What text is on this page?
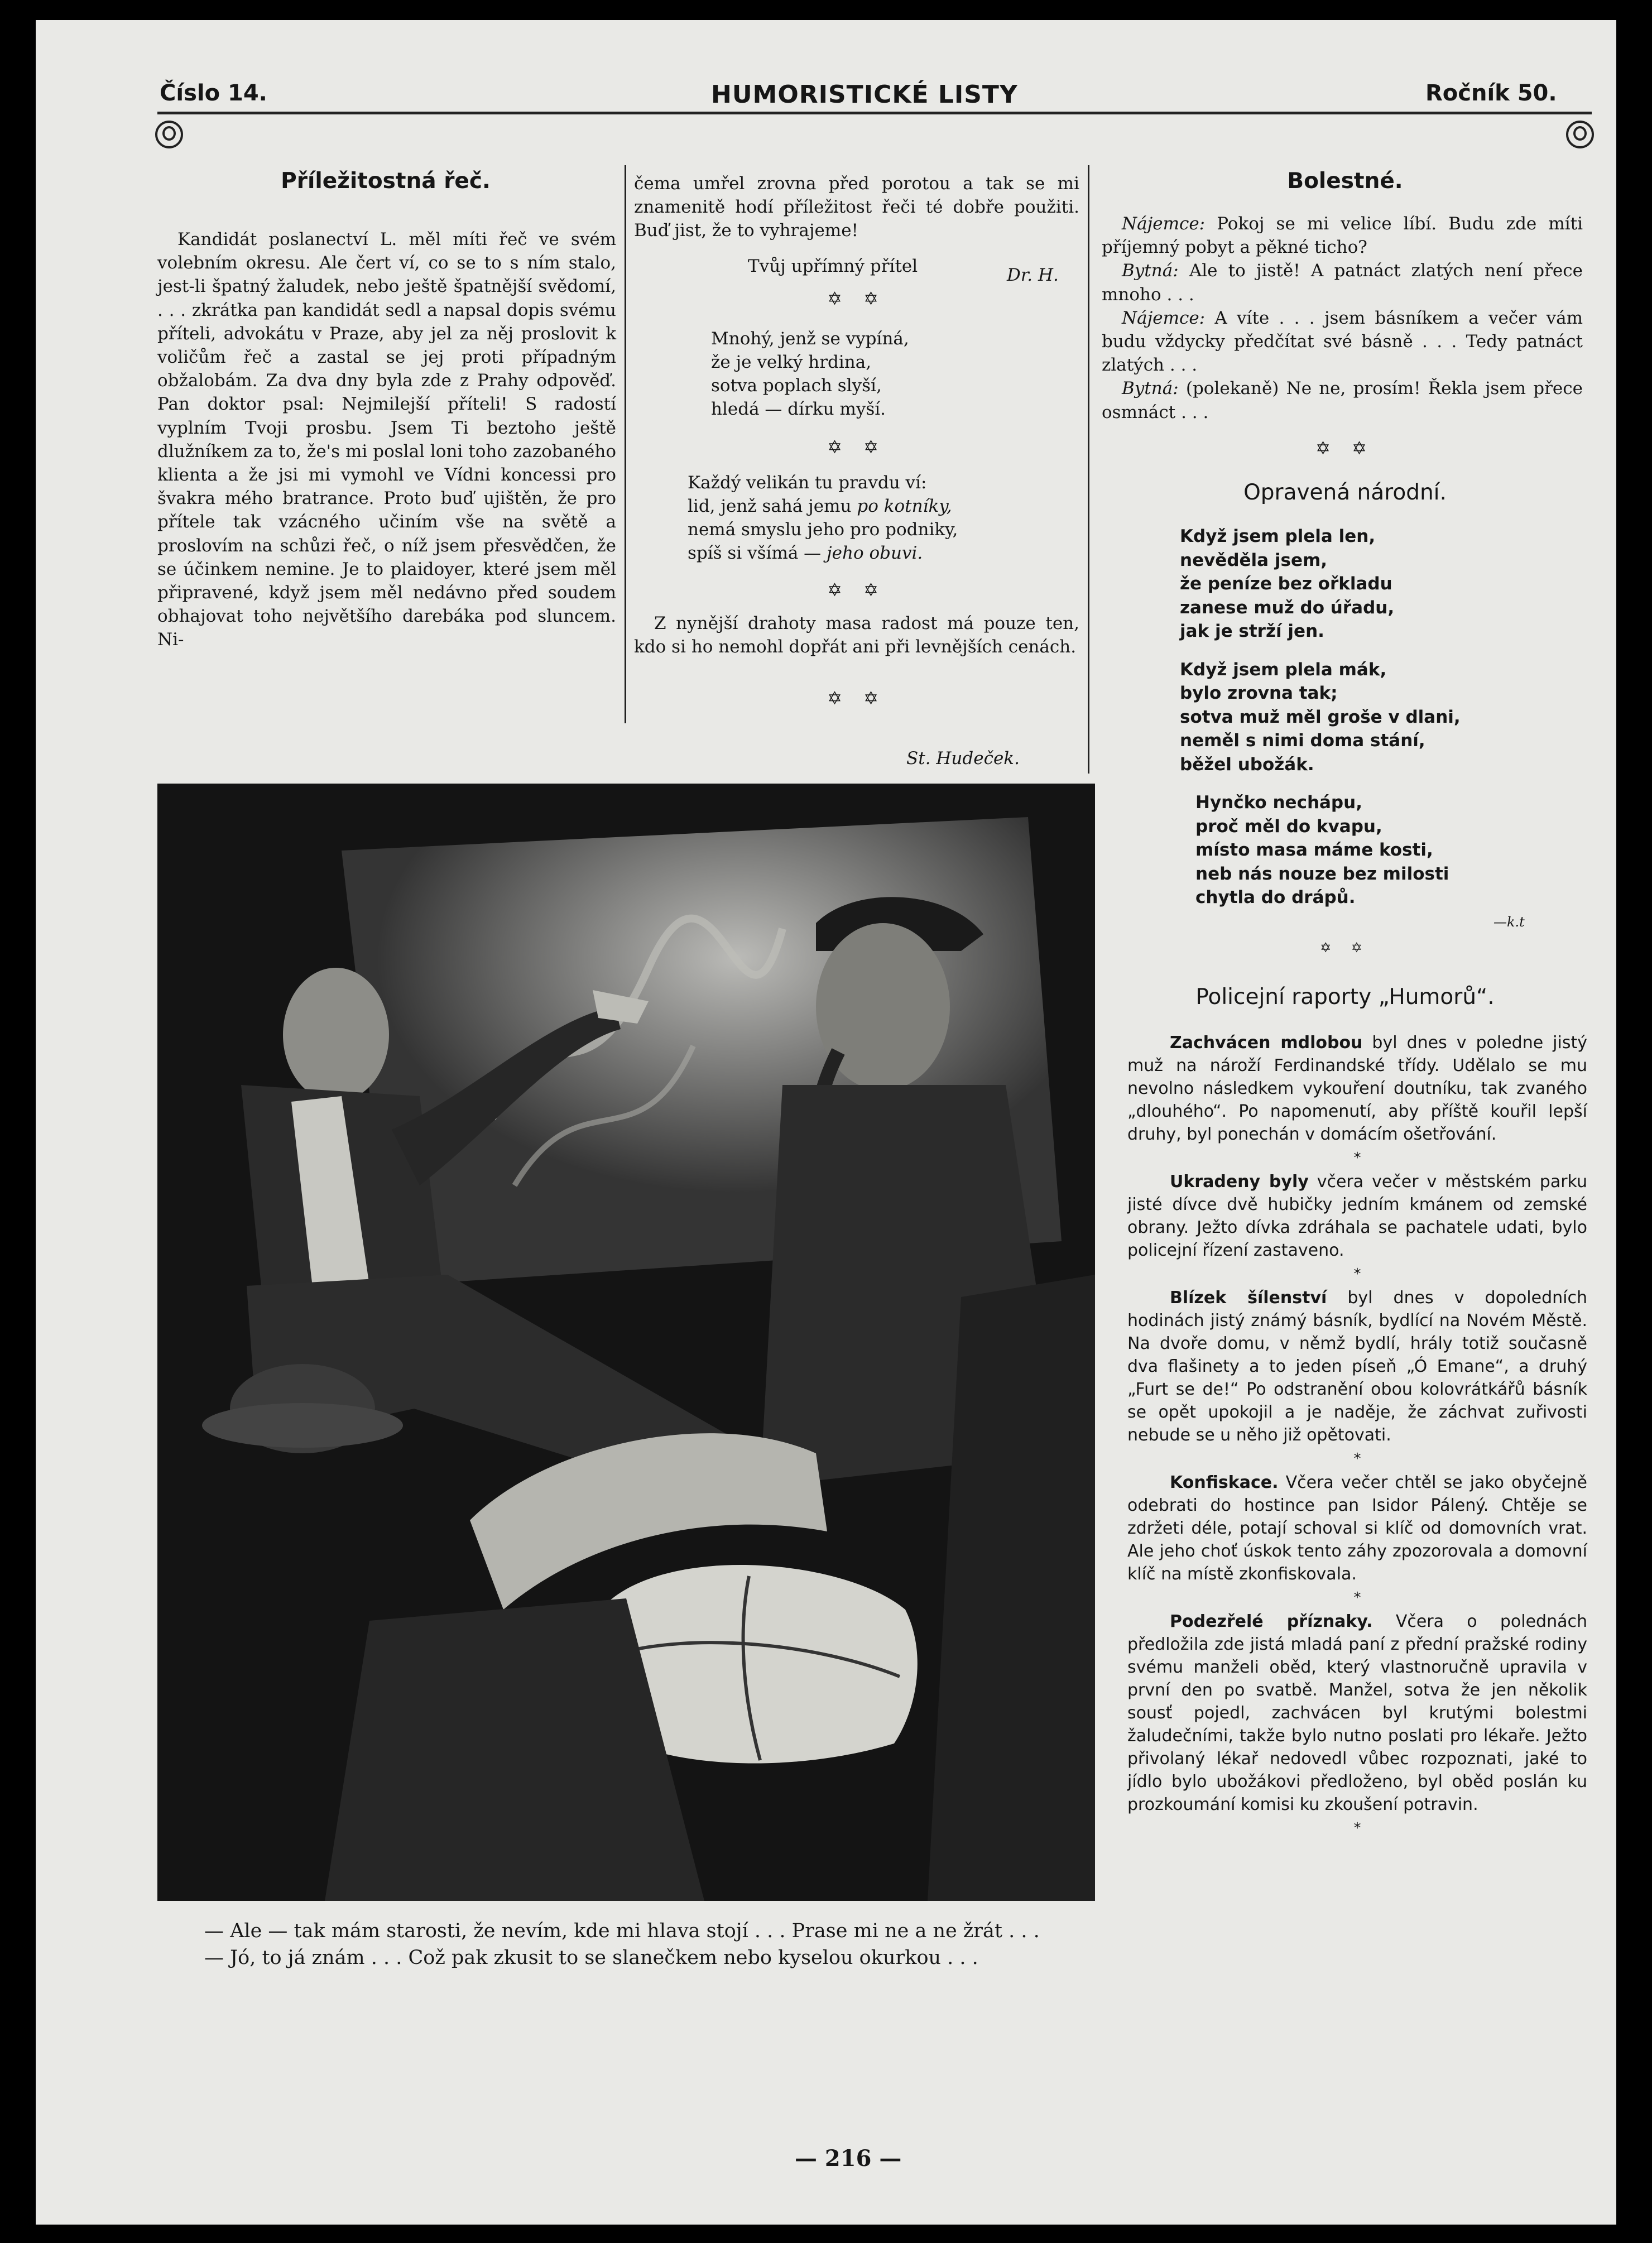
Číslo 14.	HUMORISTICKÉ LISTY	Ročník 50.
Příležitostná řeč.

Kandidát poslanectví L. měl míti řeč ve svém volebním okresu. Ale čert ví, co se to s ním stalo, jest-li špatný žaludek, nebo ještě špatnější svědomí, . . . zkrátka pan kandidát sedl a napsal dopis svému příteli, advokátu v Praze, aby jel za něj proslovit k voličům řeč a zastal se jej proti případným obžalobám. Za dva dny byla zde z Prahy odpověď. Pan doktor psal: Nejmilejší příteli! S radostí vyplním Tvoji prosbu. Jsem Ti beztoho ještě dlužníkem za to, že's mi poslal loni toho zazobaného klienta a že jsi mi vymohl ve Vídni koncessi pro švakra mého bratrance. Proto buď ujištěn, že pro přítele tak vzácného učiním vše na světě a proslovím na schůzi řeč, o níž jsem přesvědčen, že se účinkem nemine. Je to plaidoyer, které jsem měl připravené, když jsem měl nedávno před soudem obhajovat toho největšího darebáka pod sluncem. Ni-

čema umřel zrovna před porotou a tak se mi znamenitě hodí příležitost řeči té dobře použiti. Buď jist, že to vyhrajeme!

Tvůj upřímný přítel	Dr. H.
✡ ✡
Mnohý, jenž se vypíná,
že je velký hrdina,
sotva poplach slyší,
hledá — dírku myší.
✡ ✡
Každý velikán tu pravdu ví:
lid, jenž sahá jemu po kotníky,
nemá smyslu jeho pro podniky,
spíš si všímá — jeho obuvi.
✡ ✡

Z nynější drahoty masa radost má pouze ten, kdo si ho nemohl dopřát ani při levnějších cenách.

✡ ✡
St. Hudeček.
Bolestné.

Nájemce: Pokoj se mi velice líbí. Budu zde míti příjemný pobyt a pěkné ticho?

Bytná: Ale to jistě! A patnáct zlatých není přece mnoho . . .

Nájemce: A víte . . . jsem básníkem a večer vám budu vždycky předčítat své básně . . . Tedy patnáct zlatých . . .

Bytná: (polekaně) Ne ne, prosím! Řekla jsem přece osmnáct . . .

✡ ✡
Opravená národní.
Když jsem plela len,
nevěděla jsem,
že peníze bez ořkladu
zanese muž do úřadu,
jak je strží jen.
Když jsem plela mák,
bylo zrovna tak;
sotva muž měl groše v dlani,
neměl s nimi doma stání,
běžel ubožák.
Hynčko nechápu,
proč měl do kvapu,
místo masa máme kosti,
neb nás nouze bez milosti
chytla do drápů.
—k.t
✡ ✡
Policejní raporty „Humorů“.

Zachvácen mdlobou byl dnes v poledne jistý muž na nároží Ferdinandské třídy. Udělalo se mu nevolno následkem vykouření doutníku, tak zvaného „dlouhého“. Po napomenutí, aby příště kouřil lepší druhy, byl ponechán v domácím ošetřování.

*

Ukradeny byly včera večer v městském parku jisté dívce dvě hubičky jedním kmánem od zemské obrany. Ježto dívka zdráhala se pachatele udati, bylo policejní řízení zastaveno.

*

Blízek šílenství byl dnes v dopoledních hodinách jistý známý básník, bydlící na Novém Městě. Na dvoře domu, v němž bydlí, hrály totiž současně dva flašinety a to jeden píseň „Ó Emane“, a druhý „Furt se de!“ Po odstranění obou kolovrátkářů básník se opět upokojil a je naděje, že záchvat zuřivosti nebude se u něho již opětovati.

*

Konfiskace. Včera večer chtěl se jako obyčejně odebrati do hostince pan Isidor Pálený. Chtěje se zdržeti déle, potají schoval si klíč od domovních vrat. Ale jeho choť úskok tento záhy zpozorovala a domovní klíč na místě zkonfiskovala.

*

Podezřelé příznaky. Včera o polednách předložila zde jistá mladá paní z přední pražské rodiny svému manželi oběd, který vlastnoručně upravila v první den po svatbě. Manžel, sotva že jen několik sousť pojedl, zachvácen byl krutými bolestmi žaludečními, takže bylo nutno poslati pro lékaře. Ježto přivolaný lékař nedovedl vůbec rozpoznati, jaké to jídlo bylo ubožákovi předloženo, byl oběd poslán ku prozkoumání komisi ku zkoušení potravin.

*

— Ale — tak mám starosti, že nevím, kde mi hlava stojí . . . Prase mi ne a ne žrát . . .

— Jó, to já znám . . . Což pak zkusit to se slanečkem nebo kyselou okurkou . . .

— 216 —
